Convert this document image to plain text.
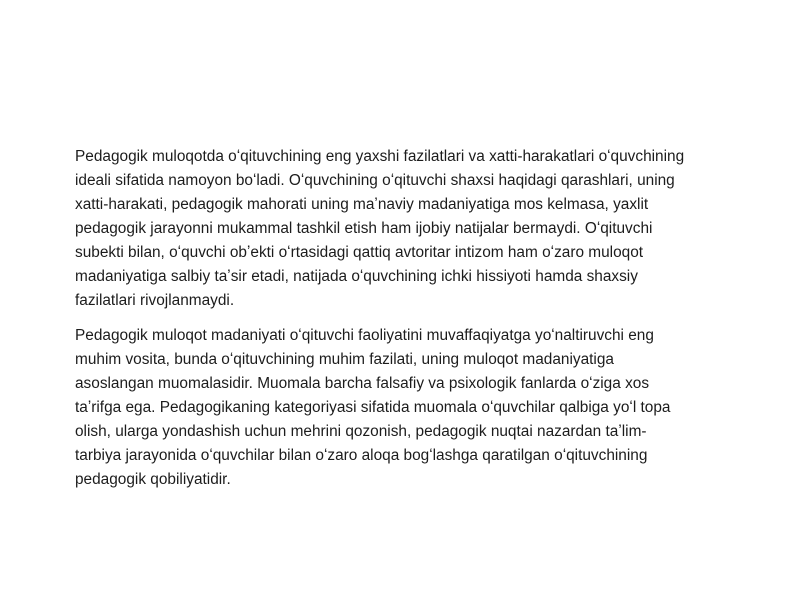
Pedagogik muloqotda oʻqituvchining eng yaxshi fazilatlari va xatti-harakatlari oʻquvchining
ideali sifatida namoyon boʻladi. Oʻquvchining oʻqituvchi shaxsi haqidagi qarashlari, uning
xatti-harakati, pedagogik mahorati uning maʼnaviy madaniyatiga mos kelmasa, yaxlit
pedagogik jarayonni mukammal tashkil etish ham ijobiy natijalar bermaydi. Oʻqituvchi
subekti bilan, oʻquvchi obʼekti oʻrtasidagi qattiq avtoritar intizom ham oʻzaro muloqot
madaniyatiga salbiy taʼsir etadi, natijada oʻquvchining ichki hissiyoti hamda shaxsiy
fazilatlari rivojlanmaydi.

Pedagogik muloqot madaniyati oʻqituvchi faoliyatini muvaffaqiyatga yoʻnaltiruvchi eng
muhim vosita, bunda oʻqituvchining muhim fazilati, uning muloqot madaniyatiga
asoslangan muomalasidir. Muomala barcha falsafiy va psixologik fanlarda oʻziga xos
taʼrifga ega. Pedagogikaning kategoriyasi sifatida muomala oʻquvchilar qalbiga yoʻl topa
olish, ularga yondashish uchun mehrini qozonish, pedagogik nuqtai nazardan taʼlim-
tarbiya jarayonida oʻquvchilar bilan oʻzaro aloqa bogʻlashga qaratilgan oʻqituvchining
pedagogik qobiliyatidir.
